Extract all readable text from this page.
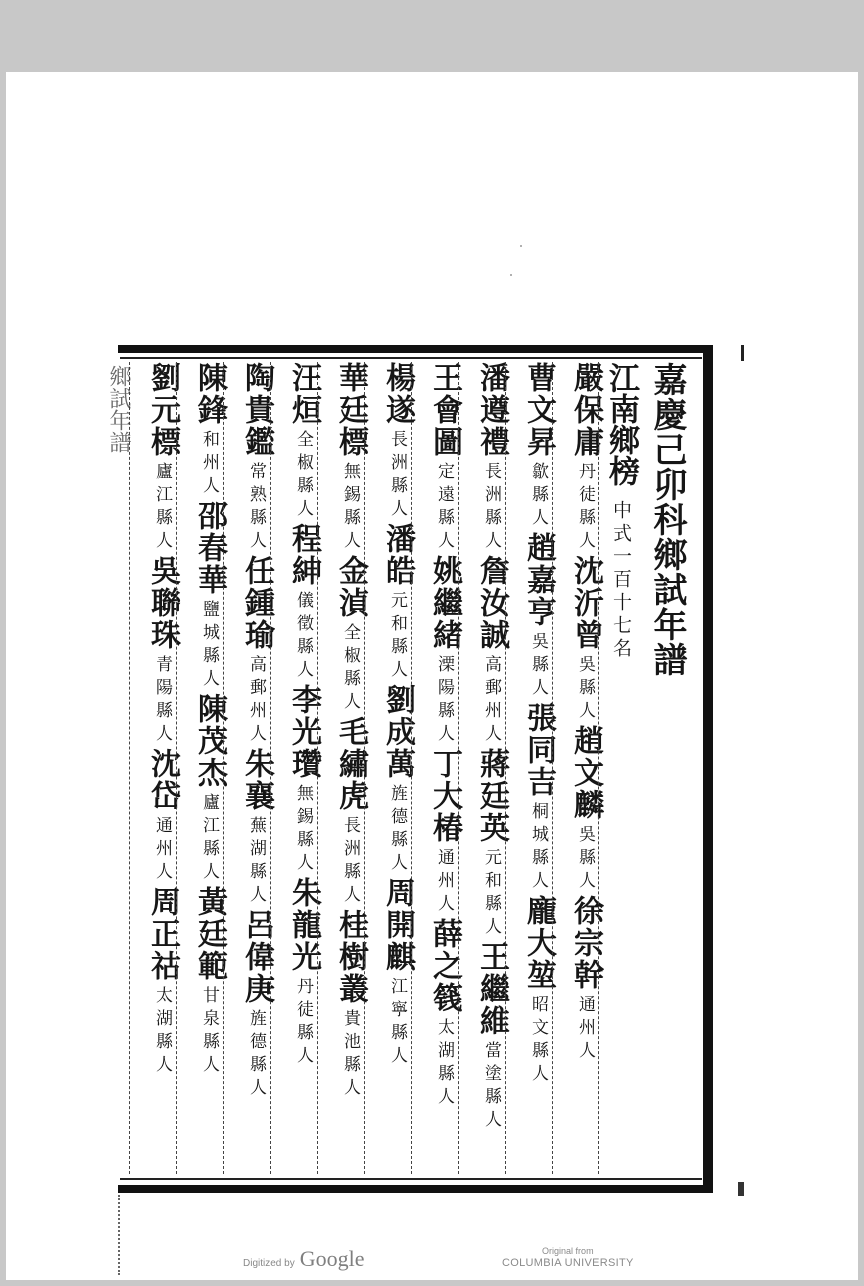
嘉慶己卯科鄉試年譜
江南鄉榜中式一百十七名
嚴保庸丹徒縣人沈沂曾吳縣人趙文麟吳縣人徐宗幹通州人
曹文昇歙縣人趙嘉亨吳縣人張同吉桐城縣人龐大堃昭文縣人
潘遵禮長洲縣人詹汝誠高郵州人蔣廷英元和縣人王繼維當塗縣人
王會圖定遠縣人姚繼緒溧陽縣人丁大椿通州人薛之篯太湖縣人
楊遂長洲縣人潘皓元和縣人劉成萬旌德縣人周開麒江寧縣人
華廷標無錫縣人金湞全椒縣人毛繡虎長洲縣人桂樹叢貴池縣人
汪烜全椒縣人程紳儀徵縣人李光瓚無錫縣人朱龍光丹徒縣人
陶貴鑑常熟縣人任鍾瑜高郵州人朱襄蕪湖縣人呂偉庚旌德縣人
陳鋒和州人邵春華鹽城縣人陳茂杰廬江縣人黃廷範甘泉縣人
劉元標廬江縣人吳聯珠青陽縣人沈岱通州人周正祜太湖縣人
鄉試年譜
Digitized by Google	Original from
COLUMBIA UNIVERSITY
